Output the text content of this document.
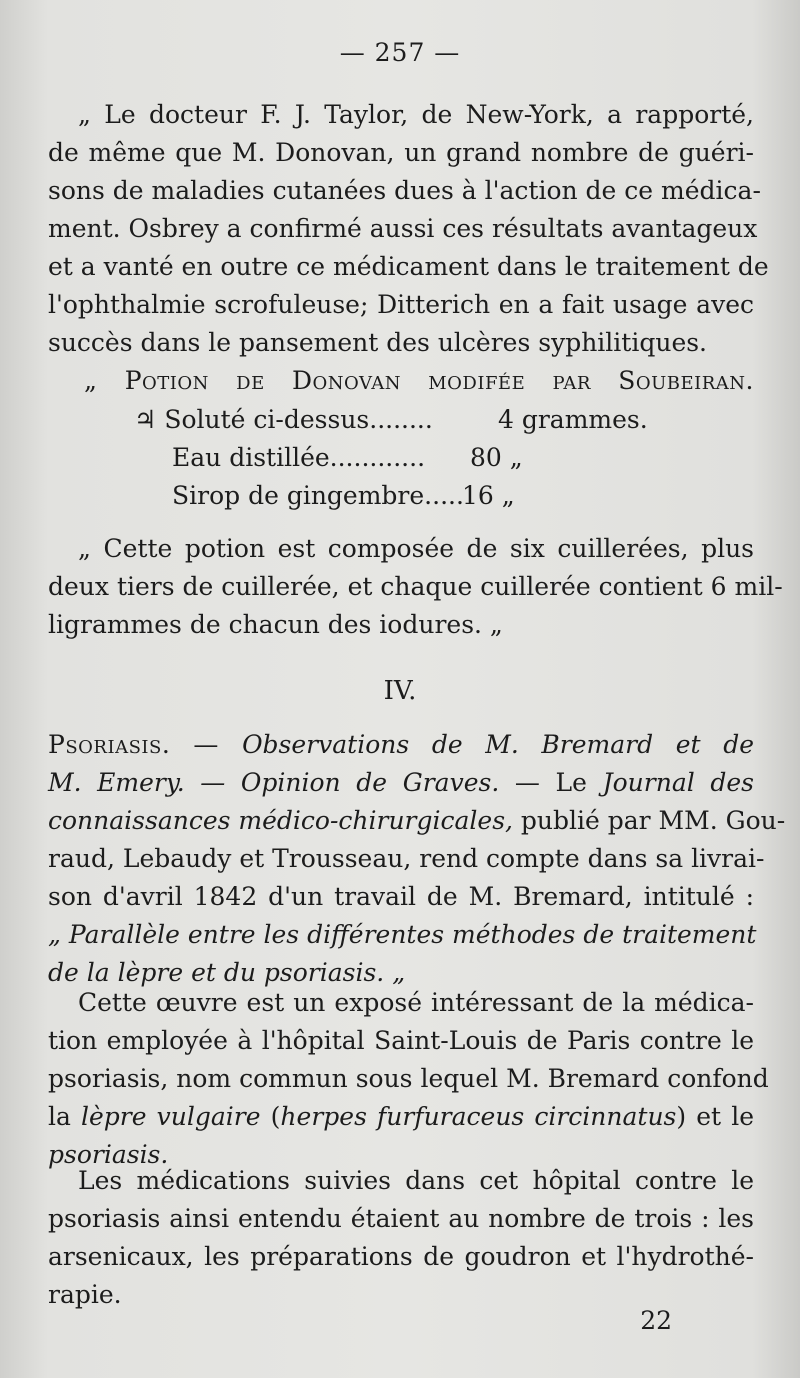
— 257 —
„ Le docteur F. J. Taylor, de New-York, a rapporté,
de même que M. Donovan, un grand nombre de guéri-
sons de maladies cutanées dues à l'action de ce médica-
ment. Osbrey a confirmé aussi ces résultats avantageux
et a vanté en outre ce médicament dans le traitement de
l'ophthalmie scrofuleuse; Ditterich en a fait usage avec
succès dans le pansement des ulcères syphilitiques.
„ Potion de Donovan modifée par Soubeiran.
♃ Soluté ci-dessus........	4 grammes.
Eau distillée............ 80 „
Sirop de gingembre.....
16 „
„ Cette potion est composée de six cuillerées, plus
deux tiers de cuillerée, et chaque cuillerée contient 6 mil-
ligrammes de chacun des iodures. „
IV.
Psoriasis. — Observations de M. Bremard et de
M. Emery. — Opinion de Graves. — Le Journal des
connaissances médico-chirurgicales, publié par MM. Gou-
raud, Lebaudy et Trousseau, rend compte dans sa livrai-
son d'avril 1842 d'un travail de M. Bremard, intitulé :
„ Parallèle entre les différentes méthodes de traitement
de la lèpre et du psoriasis. „
Cette œuvre est un exposé intéressant de la médica-
tion employée à l'hôpital Saint-Louis de Paris contre le
psoriasis, nom commun sous lequel M. Bremard confond
la lèpre vulgaire (herpes furfuraceus circinnatus) et le
psoriasis.
Les médications suivies dans cet hôpital contre le
psoriasis ainsi entendu étaient au nombre de trois : les
arsenicaux, les préparations de goudron et l'hydrothé-
rapie.
22
